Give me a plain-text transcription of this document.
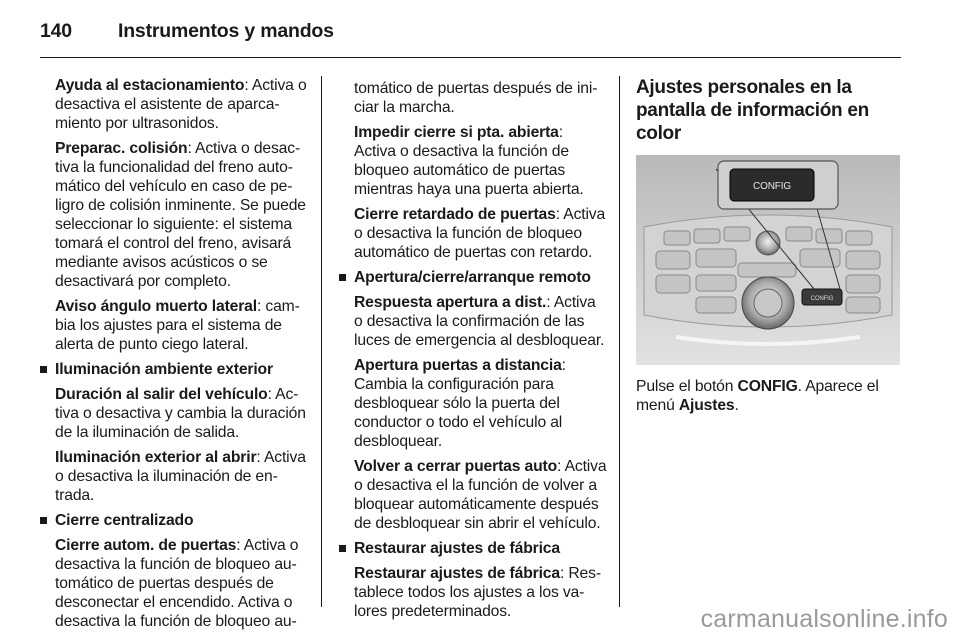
140 Instrumentos y mandos

Ayuda al estacionamiento: Activa o desactiva el asistente de aparcamiento por ultrasonidos.

Preparac. colisión: Activa o desactiva la funcionalidad del freno automático del vehículo en caso de peligro de colisión inminente. Se puede seleccionar lo siguiente: el sistema tomará el control del freno, avisará mediante avisos acústicos o se desactivará por completo.

Aviso ángulo muerto lateral: cambia los ajustes para el sistema de alerta de punto ciego lateral.

Iluminación ambiente exterior

Duración al salir del vehículo: Activa o desactiva y cambia la duración de la iluminación de salida.

Iluminación exterior al abrir: Activa o desactiva la iluminación de entrada.

Cierre centralizado

Cierre autom. de puertas: Activa o desactiva la función de bloqueo automático de puertas después de desconectar el encendido. Activa o desactiva la función de bloqueo au-

tomático de puertas después de iniciar la marcha.

Impedir cierre si pta. abierta: Activa o desactiva la función de bloqueo automático de puertas mientras haya una puerta abierta.

Cierre retardado de puertas: Activa o desactiva la función de bloqueo automático de puertas con retardo.

Apertura/cierre/arranque remoto

Respuesta apertura a dist.: Activa o desactiva la confirmación de las luces de emergencia al desbloquear.

Apertura puertas a distancia: Cambia la configuración para desbloquear sólo la puerta del conductor o todo el vehículo al desbloquear.

Volver a cerrar puertas auto: Activa o desactiva el la función de volver a bloquear automáticamente después de desbloquear sin abrir el vehículo.

Restaurar ajustes de fábrica

Restaurar ajustes de fábrica: Restablece todos los ajustes a los valores predeterminados.

Ajustes personales en la pantalla de información en color
CONFIG
CONFIG

Pulse el botón CONFIG. Aparece el menú Ajustes.

carmanualsonline.info
